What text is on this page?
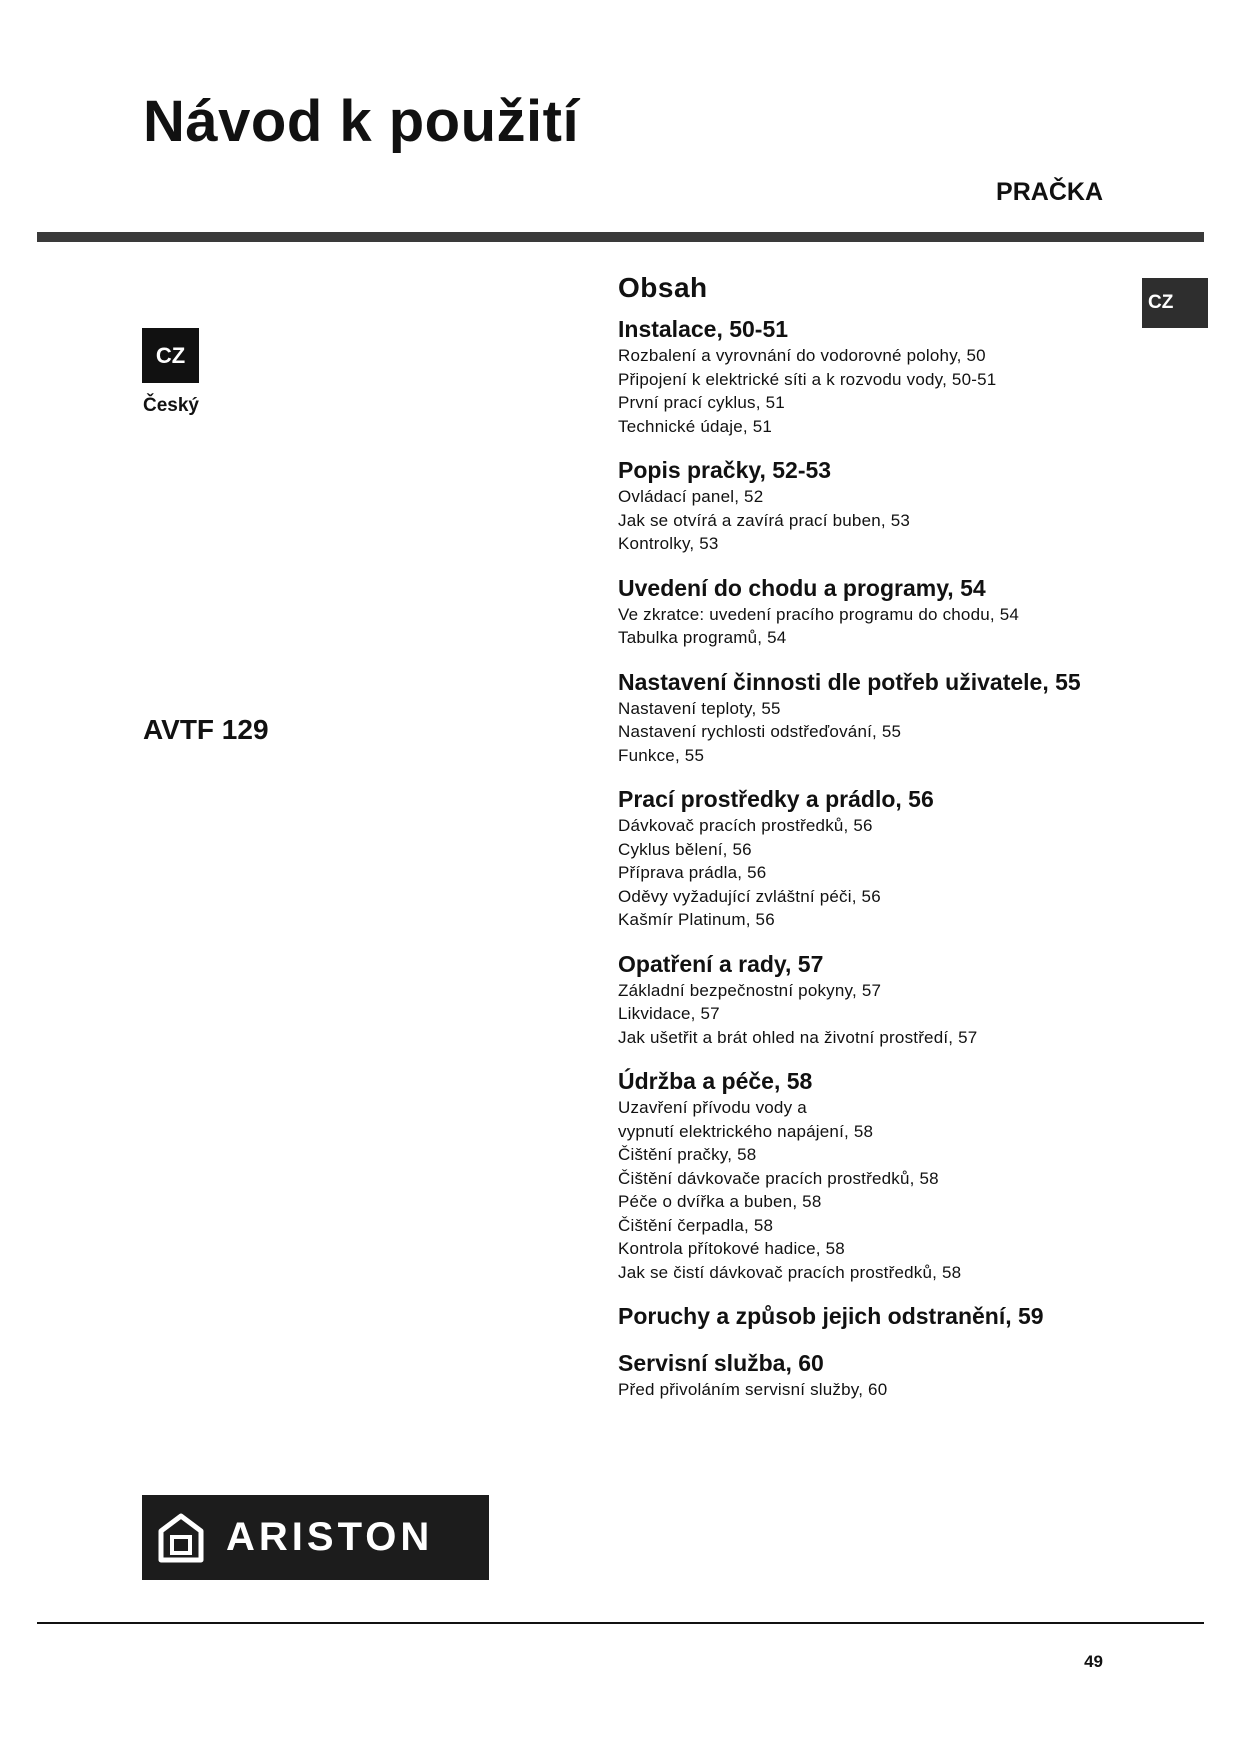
Návod k použití
PRAČKA
CZ
Český
CZ
AVTF 129
Obsah
Instalace, 50-51
Rozbalení a vyrovnání do vodorovné polohy, 50
Připojení k elektrické síti a k rozvodu vody, 50-51
První prací cyklus, 51
Technické údaje, 51
Popis pračky, 52-53
Ovládací panel, 52
Jak se otvírá a zavírá prací buben, 53
Kontrolky, 53
Uvedení do chodu a programy, 54
Ve zkratce: uvedení pracího programu do chodu, 54
Tabulka programů, 54
Nastavení činnosti dle potřeb uživatele, 55
Nastavení teploty, 55
Nastavení rychlosti odstřeďování, 55
Funkce, 55
Prací prostředky a prádlo, 56
Dávkovač pracích prostředků, 56
Cyklus bělení, 56
Příprava prádla, 56
Oděvy vyžadující zvláštní péči, 56
Kašmír Platinum, 56
Opatření a rady, 57
Základní bezpečnostní pokyny, 57
Likvidace, 57
Jak ušetřit a brát ohled na životní prostředí, 57
Údržba a péče, 58
Uzavření přívodu vody a
vypnutí elektrického napájení, 58
Čištění pračky, 58
Čištění dávkovače pracích prostředků, 58
Péče o dvířka a buben, 58
Čištění čerpadla, 58
Kontrola přítokové hadice, 58
Jak se čistí dávkovač pracích prostředků, 58
Poruchy a způsob jejich odstranění, 59
Servisní služba, 60
Před přivoláním servisní služby, 60
ARISTON
49
